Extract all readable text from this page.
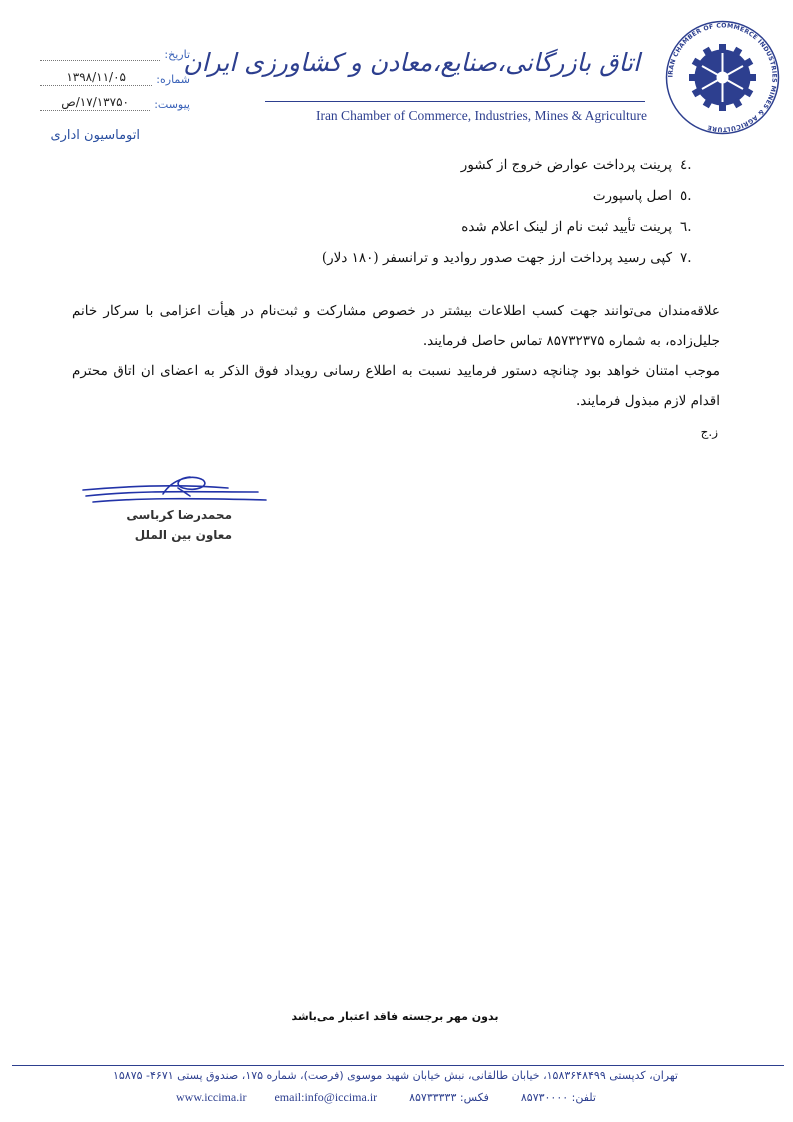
تاریخ:
شماره:
۱۳۹۸/۱۱/۰۵
پیوست:
۱۷/۱۳۷۵۰/ص
اتوماسیون اداری
اتاق بازرگانی،صنایع،معادن و کشاورزی ایران
Iran Chamber of Commerce, Industries, Mines & Agriculture
IRAN CHAMBER OF COMMERCE INDUSTRIES MINES & AGRICULTURE
.٤
پرینت پرداخت عوارض خروج از کشور
.٥
اصل پاسپورت
.٦
پرینت تأیید ثبت نام از لینک اعلام شده
.٧
کپی رسید پرداخت ارز جهت صدور روادید و ترانسفر (۱۸۰ دلار)

علاقه‌مندان می‌توانند جهت کسب اطلاعات بیشتر در خصوص مشارکت و ثبت‌نام در هیأت اعزامی با سرکار خانم جلیل‌زاده، به شماره ۸۵۷۳۲۳۷۵ تماس حاصل فرمایند.

موجب امتنان خواهد بود چنانچه دستور فرمایید نسبت به اطلاع رسانی رویداد فوق الذکر به اعضای ان اتاق محترم اقدام لازم مبذول فرمایند.

ز.ج
محمدرضا کرباسی
معاون بین الملل
بدون مهر برجسته فاقد اعتبار می‌باشد
تهران، کدپستی ۱۵۸۳۶۴۸۴۹۹، خیابان طالقانی، نبش خیابان شهید موسوی (فرصت)، شماره ۱۷۵، صندوق پستی ۴۶۷۱- ۱۵۸۷۵
www.iccima.ir email:info@iccima.ir	فکس: ۸۵۷۳۳۳۳۳	تلفن: ۸۵۷۳۰۰۰۰
